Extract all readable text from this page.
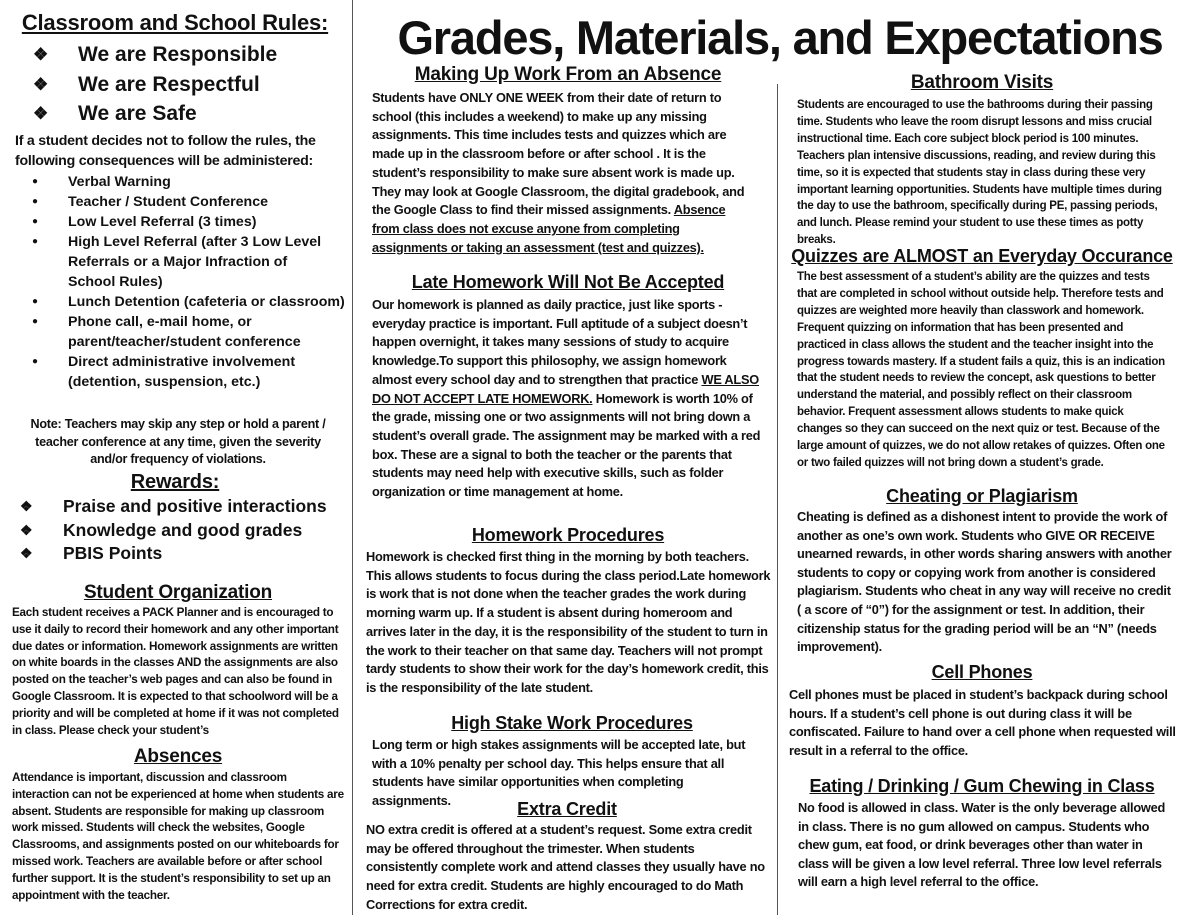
Classroom and School Rules:
❖ We are Responsible
❖ We are Respectful
❖ We are Safe

If a student decides not to follow the rules, the following consequences will be administered:

● Verbal Warning
● Teacher / Student Conference
● Low Level Referral (3 times)
● High Level Referral (after 3 Low Level Referrals or a Major Infraction of School Rules)
● Lunch Detention (cafeteria or classroom)
● Phone call, e-mail home, or parent/teacher/student conference
● Direct administrative involvement (detention, suspension, etc.)

Note: Teachers may skip any step or hold a parent / teacher conference at any time, given the severity and/or frequency of violations.

Rewards:
❖ Praise and positive interactions
❖ Knowledge and good grades
❖ PBIS Points
Student Organization

Each student receives a PACK Planner and is encouraged to use it daily to record their homework and any other important due dates or information. Homework assignments are written on white boards in the classes AND the assignments are also posted on the teacher’s web pages and can also be found in Google Classroom. It is expected to that schoolword will be a priority and will be completed at home if it was not completed in class. Please check your student’s

Absences

Attendance is important, discussion and classroom interaction can not be experienced at home when students are absent. Students are responsible for making up classroom work missed. Students will check the websites, Google Classrooms, and assignments posted on our whiteboards for missed work. Teachers are available before or after school further support. It is the student’s responsibility to set up an appointment with the teacher.

Grades, Materials, and Expectations
Making Up Work From an Absence

Students have ONLY ONE WEEK from their date of return to school (this includes a weekend) to make up any missing assignments. This time includes tests and quizzes which are made up in the classroom before or after school . It is the student’s responsibility to make sure absent work is made up. They may look at Google Classroom, the digital gradebook, and the Google Class to find their missed assignments. Absence from class does not excuse anyone from completing assignments or taking an assessment (test and quizzes).

Late Homework Will Not Be Accepted

Our homework is planned as daily practice, just like sports - everyday practice is important. Full aptitude of a subject doesn’t happen overnight, it takes many sessions of study to acquire knowledge.To support this philosophy, we assign homework almost every school day and to strengthen that practice WE ALSO DO NOT ACCEPT LATE HOMEWORK. Homework is worth 10% of the grade, missing one or two assignments will not bring down a student’s overall grade. The assignment may be marked with a red box. These are a signal to both the teacher or the parents that students may need help with executive skills, such as folder organization or time management at home.

Homework Procedures

Homework is checked first thing in the morning by both teachers. This allows students to focus during the class period.Late homework is work that is not done when the teacher grades the work during morning warm up. If a student is absent during homeroom and arrives later in the day, it is the responsibility of the student to turn in the work to their teacher on that same day. Teachers will not prompt tardy students to show their work for the day’s homework credit, this is the responsibility of the late student.

High Stake Work Procedures

Long term or high stakes assignments will be accepted late, but with a 10% penalty per school day. This helps ensure that all students have similar opportunities when completing assignments.	Extra Credit

NO extra credit is offered at a student’s request. Some extra credit may be offered throughout the trimester. When students consistently complete work and attend classes they usually have no need for extra credit. Students are highly encouraged to do Math Corrections for extra credit.

Bathroom Visits

Students are encouraged to use the bathrooms during their passing time. Students who leave the room disrupt lessons and miss crucial instructional time. Each core subject block period is 100 minutes. Teachers plan intensive discussions, reading, and review during this time, so it is expected that students stay in class during these very important learning opportunities. Students have multiple times during the day to use the bathroom, specifically during PE, passing periods, and lunch. Please remind your student to use these times as potty breaks.

Quizzes are ALMOST an Everyday Occurance

The best assessment of a student’s ability are the quizzes and tests that are completed in school without outside help. Therefore tests and quizzes are weighted more heavily than classwork and homework. Frequent quizzing on information that has been presented and practiced in class allows the student and the teacher insight into the progress towards mastery. If a student fails a quiz, this is an indication that the student needs to review the concept, ask questions to better understand the material, and possibly reflect on their classroom behavior. Frequent assessment allows students to make quick changes so they can succeed on the next quiz or test. Because of the large amount of quizzes, we do not allow retakes of quizzes. Often one or two failed quizzes will not bring down a student’s grade.

Cheating or Plagiarism

Cheating is defined as a dishonest intent to provide the work of another as one’s own work. Students who GIVE OR RECEIVE unearned rewards, in other words sharing answers with another students to copy or copying work from another is considered plagiarism. Students who cheat in any way will receive no credit ( a score of “0”) for the assignment or test. In addition, their citizenship status for the grading period will be an “N” (needs improvement).

Cell Phones

Cell phones must be placed in student’s backpack during school hours. If a student’s cell phone is out during class it will be confiscated. Failure to hand over a cell phone when requested will result in a referral to the office.

Eating / Drinking / Gum Chewing in Class

No food is allowed in class. Water is the only beverage allowed in class. There is no gum allowed on campus. Students who chew gum, eat food, or drink beverages other than water in class will be given a low level referral. Three low level referrals will earn a high level referral to the office.
